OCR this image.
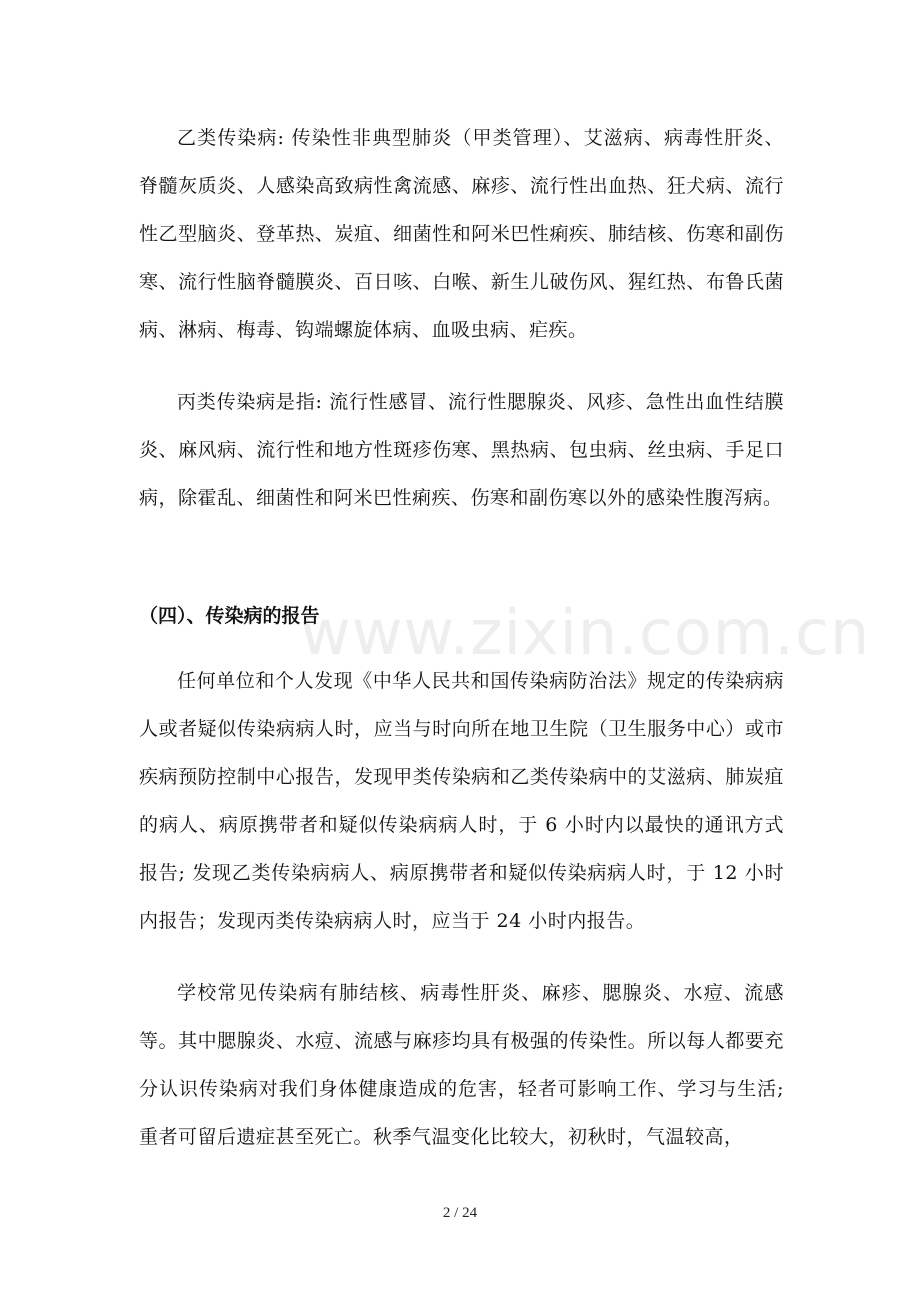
乙类传染病: 传染性非典型肺炎（甲类管理）、艾滋病、病毒性肝炎、脊髓灰质炎、人感染高致病性禽流感、麻疹、流行性出血热、狂犬病、流行性乙型脑炎、登革热、炭疽、细菌性和阿米巴性痢疾、肺结核、伤寒和副伤寒、流行性脑脊髓膜炎、百日咳、白喉、新生儿破伤风、猩红热、布鲁氏菌病、淋病、梅毒、钩端螺旋体病、血吸虫病、疟疾。

丙类传染病是指: 流行性感冒、流行性腮腺炎、风疹、急性出血性结膜炎、麻风病、流行性和地方性斑疹伤寒、黑热病、包虫病、丝虫病、手足口病，除霍乱、细菌性和阿米巴性痢疾、伤寒和副伤寒以外的感染性腹泻病。

www.zixin.com.cn
（四）、传染病的报告

任何单位和个人发现《中华人民共和国传染病防治法》规定的传染病病人或者疑似传染病病人时，应当与时向所在地卫生院（卫生服务中心）或市疾病预防控制中心报告，发现甲类传染病和乙类传染病中的艾滋病、肺炭疽的病人、病原携带者和疑似传染病病人时，于 6 小时内以最快的通讯方式报告; 发现乙类传染病病人、病原携带者和疑似传染病病人时，于 12 小时内报告；发现丙类传染病病人时，应当于 24 小时内报告。

学校常见传染病有肺结核、病毒性肝炎、麻疹、腮腺炎、水痘、流感等。其中腮腺炎、水痘、流感与麻疹均具有极强的传染性。所以每人都要充分认识传染病对我们身体健康造成的危害，轻者可影响工作、学习与生活; 重者可留后遗症甚至死亡。秋季气温变化比较大，初秋时，气温较高，

2 / 24
